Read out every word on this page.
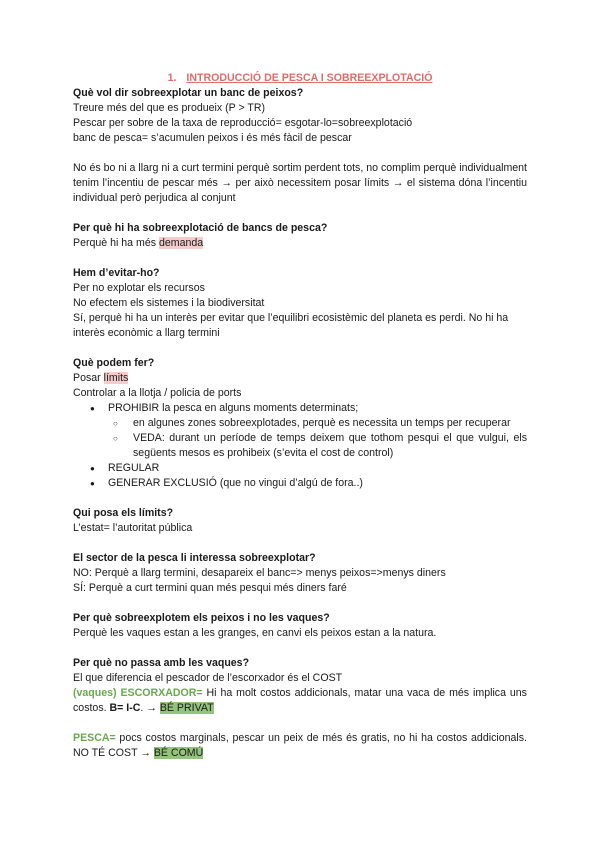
1. INTRODUCCIÓ DE PESCA I SOBREEXPLOTACIÓ

Què vol dir sobreexplotar un banc de peixos?

Treure més del que es produeix (P > TR)

Pescar per sobre de la taxa de reproducció= esgotar-lo=sobreexplotació

banc de pesca= s’acumulen peixos i és més fàcil de pescar

No és bo ni a llarg ni a curt termini perquè sortim perdent tots, no complim perquè individualment tenim l’incentiu de pescar més → per això necessitem posar límits → el sistema dóna l’incentiu individual però perjudica al conjunt

Per què hi ha sobreexplotació de bancs de pesca?

Perquè hi ha més demanda

Hem d’evitar-ho?

Per no explotar els recursos

No efectem els sistemes i la biodiversitat

Sí, perquè hi ha un interès per evitar que l’equilibri ecosistèmic del planeta es perdi. No hi ha interès econòmic a llarg termini

Què podem fer?

Posar límits

Controlar a la llotja / policia de ports

● PROHIBIR la pesca en alguns moments determinats;
○ en algunes zones sobreexplotades, perquè es necessita un temps per recuperar
○ VEDA: durant un període de temps deixem que tothom pesqui el que vulgui, els següents mesos es prohibeix (s’evita el cost de control)
● REGULAR
● GENERAR EXCLUSIÓ (que no vingui d’algú de fora..)

Qui posa els límits?

L’estat= l’autoritat pública

El sector de la pesca li interessa sobreexplotar?

NO: Perquè a llarg termini, desapareix el banc=> menys peixos=>menys diners

SÍ: Perquè a curt termini quan més pesqui més diners faré

Per què sobreexplotem els peixos i no les vaques?

Perquè les vaques estan a les granges, en canvi els peixos estan a la natura.

Per què no passa amb les vaques?

El que diferencia el pescador de l’escorxador és el COST

(vaques) ESCORXADOR= Hi ha molt costos addicionals, matar una vaca de més implica uns costos. B= I-C. → BÉ PRIVAT

PESCA= pocs costos marginals, pescar un peix de més és gratis, no hi ha costos addicionals. NO TÉ COST → BÉ COMÚ
